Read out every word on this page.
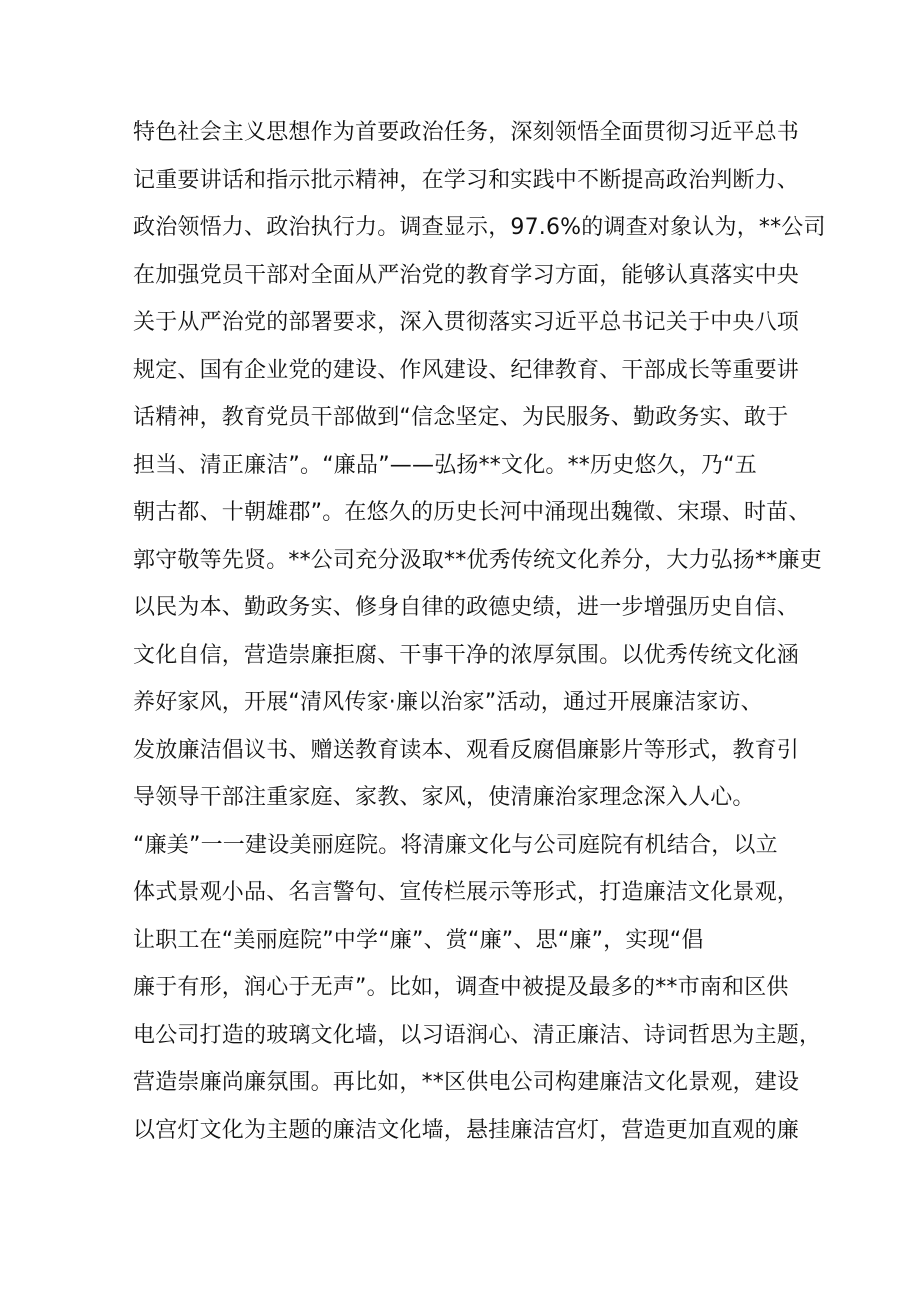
特色社会主义思想作为首要政治任务，深刻领悟全面贯彻习近平总书
记重要讲话和指示批示精神，在学习和实践中不断提高政治判断力、
政治领悟力、政治执行力。调查显示，97.6%的调查对象认为，**公司
在加强党员干部对全面从严治党的教育学习方面，能够认真落实中央
关于从严治党的部署要求，深入贯彻落实习近平总书记关于中央八项
规定、国有企业党的建设、作风建设、纪律教育、干部成长等重要讲
话精神，教育党员干部做到“信念坚定、为民服务、勤政务实、敢于
担当、清正廉洁”。“廉品”——弘扬**文化。**历史悠久，乃“五
朝古都、十朝雄郡”。在悠久的历史长河中涌现出魏徵、宋璟、时苗、
郭守敬等先贤。**公司充分汲取**优秀传统文化养分，大力弘扬**廉吏
以民为本、勤政务实、修身自律的政德史绩，进一步增强历史自信、
文化自信，营造崇廉拒腐、干事干净的浓厚氛围。以优秀传统文化涵
养好家风，开展“清风传家·廉以治家”活动，通过开展廉洁家访、
发放廉洁倡议书、赠送教育读本、观看反腐倡廉影片等形式，教育引
导领导干部注重家庭、家教、家风，使清廉治家理念深入人心。
“廉美”一一建设美丽庭院。将清廉文化与公司庭院有机结合，以立
体式景观小品、名言警句、宣传栏展示等形式，打造廉洁文化景观，
让职工在“美丽庭院”中学“廉”、赏“廉”、思“廉”，实现“倡
廉于有形，润心于无声”。比如，调查中被提及最多的**市南和区供
电公司打造的玻璃文化墙，以习语润心、清正廉洁、诗词哲思为主题，
营造崇廉尚廉氛围。再比如，**区供电公司构建廉洁文化景观，建设
以宫灯文化为主题的廉洁文化墙，悬挂廉洁宫灯，营造更加直观的廉
